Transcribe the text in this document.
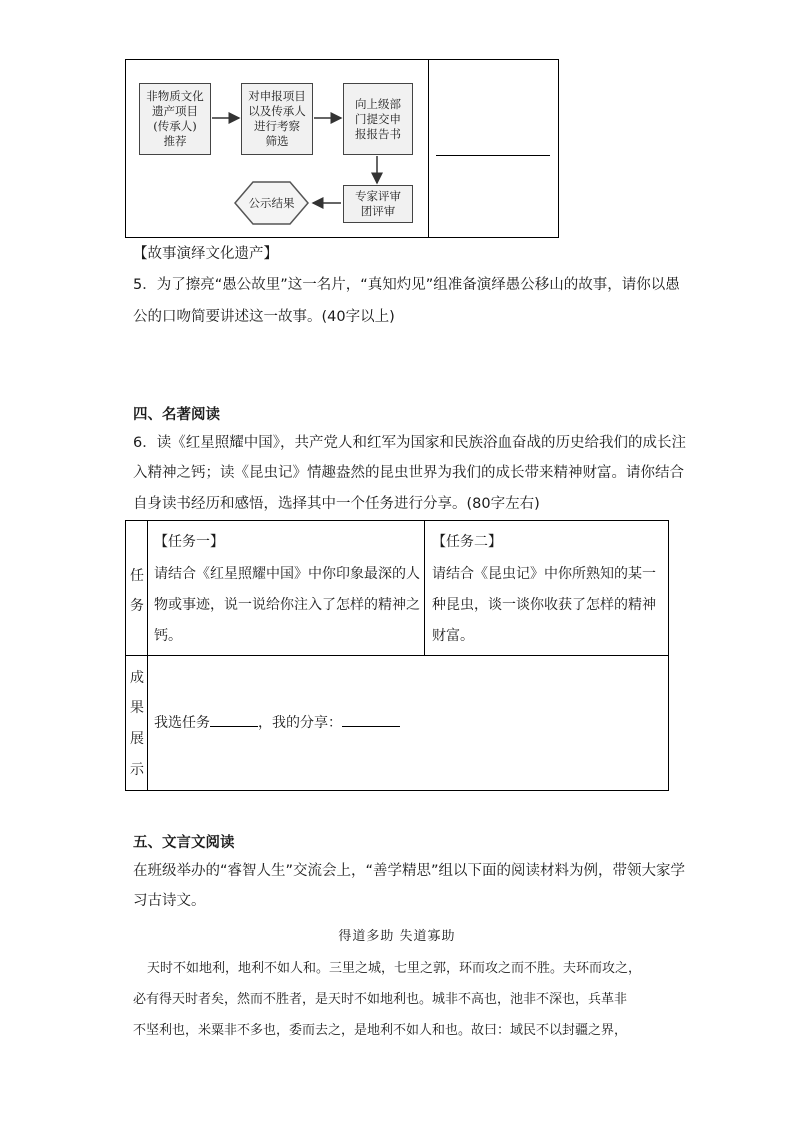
非物质文化
遗产项目
(传承人)
推荐
对申报项目
以及传承人
进行考察
筛选
向上级部
门提交申
报报告书
专家评审
团评审
公示结果
【故事演绎文化遗产】
5．为了擦亮“愚公故里”这一名片，“真知灼见”组准备演绎愚公移山的故事，请你以愚
公的口吻简要讲述这一故事。(40字以上)
四、名著阅读
6．读《红星照耀中国》，共产党人和红军为国家和民族浴血奋战的历史给我们的成长注
入精神之钙；读《昆虫记》情趣盎然的昆虫世界为我们的成长带来精神财富。请你结合
自身读书经历和感悟，选择其中一个任务进行分享。(80字左右)
任
务
【任务一】
请结合《红星照耀中国》中你印象最深的人
物或事迹，说一说给你注入了怎样的精神之
钙。
【任务二】
请结合《昆虫记》中你所熟知的某一
种昆虫，谈一谈你收获了怎样的精神
财富。
成
果
展
示
我选任务	，我的分享：
五、文言文阅读
在班级举办的“睿智人生”交流会上，“善学精思”组以下面的阅读材料为例，带领大家学
习古诗文。
得道多助 失道寡助
天时不如地利，地利不如人和。三里之城，七里之郭，环而攻之而不胜。夫环而攻之，
必有得天时者矣，然而不胜者，是天时不如地利也。城非不高也，池非不深也，兵革非
不坚利也，米粟非不多也，委而去之，是地利不如人和也。故曰：域民不以封疆之界，
